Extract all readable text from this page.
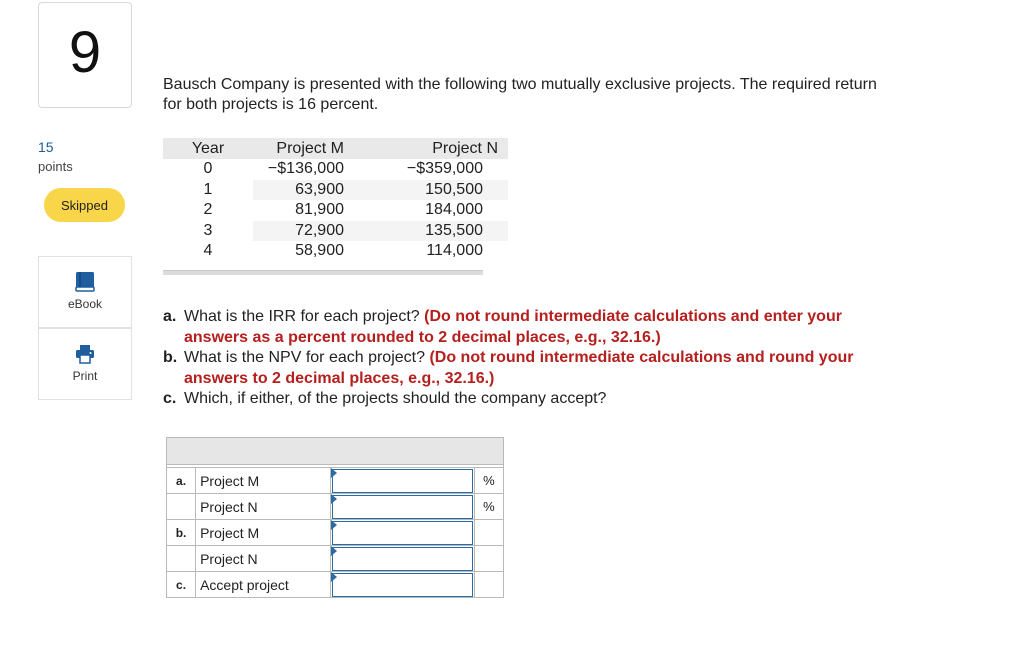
9
15
points
Skipped
eBook
Print
Bausch Company is presented with the following two mutually exclusive projects. The required return for both projects is 16 percent.
Year	Project M	Project N
0	−$136,000	−$359,000
1	63,900	150,500
2	81,900	184,000
3	72,900	135,500
4	58,900	114,000
a. What is the IRR for each project? (Do not round intermediate calculations and enter your answers as a percent rounded to 2 decimal places, e.g., 32.16.)
b. What is the NPV for each project? (Do not round intermediate calculations and round your answers to 2 decimal places, e.g., 32.16.)
c. Which, if either, of the projects should the company accept?

a.	Project M		%
	Project N		%
b.	Project M	

	Project N	

c.	Accept project	
